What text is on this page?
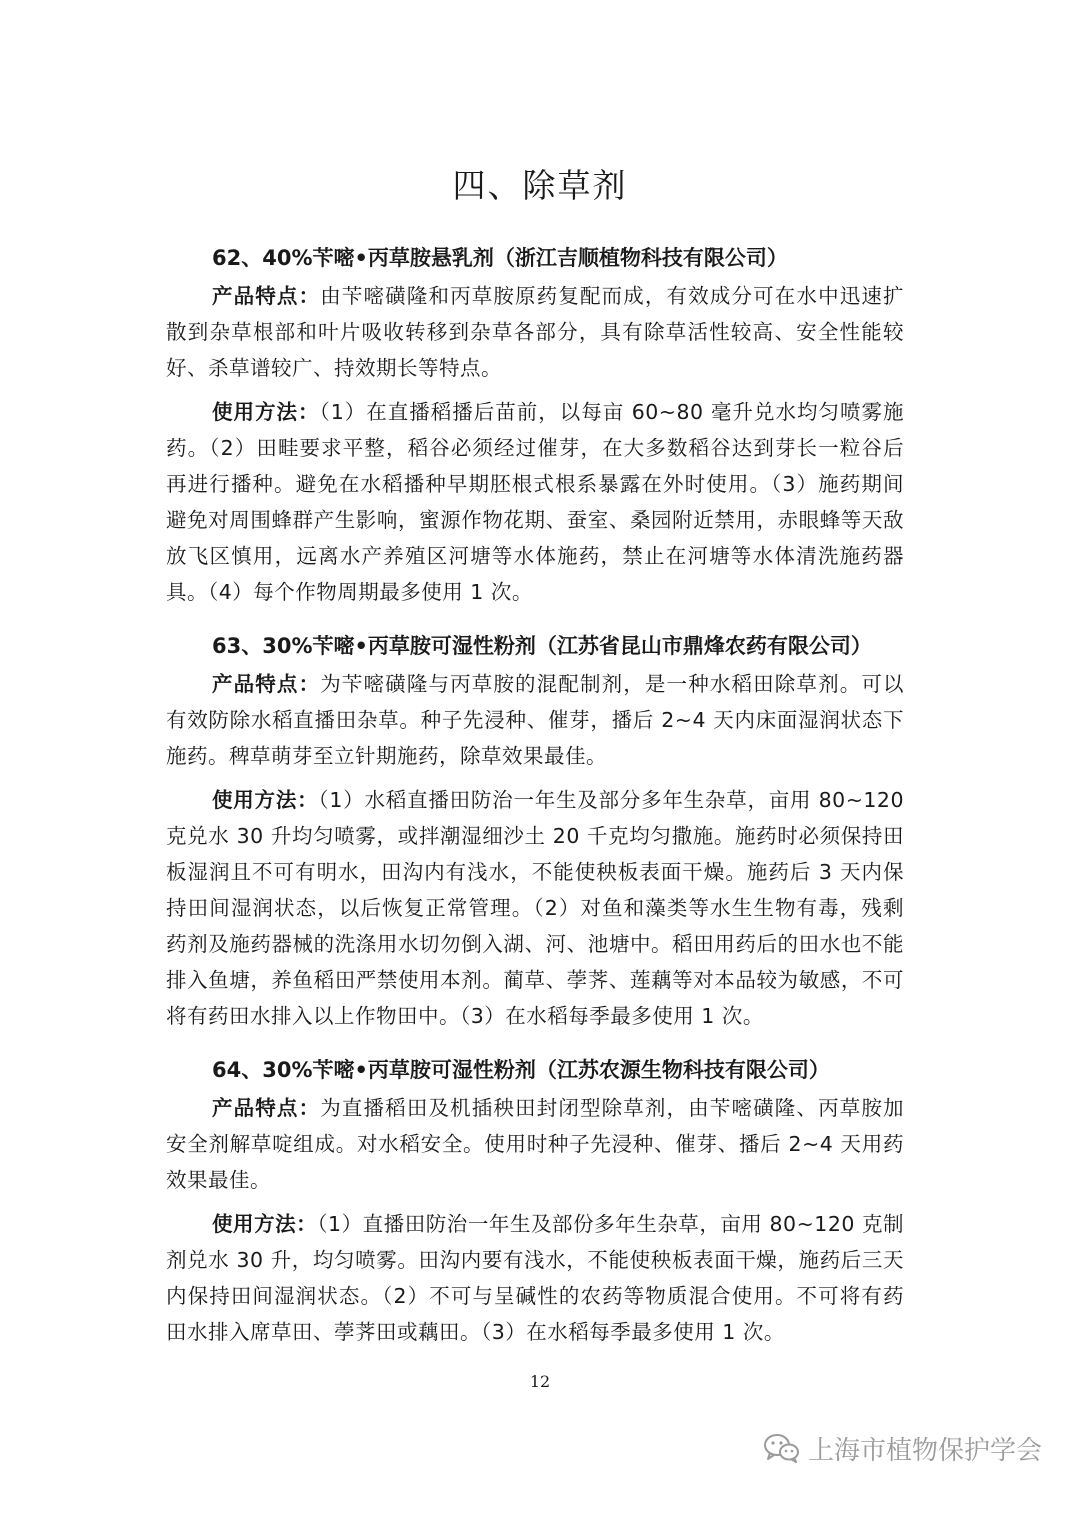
四、除草剂
62、40%苄嘧•丙草胺悬乳剂（浙江吉顺植物科技有限公司）

产品特点：由苄嘧磺隆和丙草胺原药复配而成，有效成分可在水中迅速扩散到杂草根部和叶片吸收转移到杂草各部分，具有除草活性较高、安全性能较好、杀草谱较广、持效期长等特点。

使用方法：（1）在直播稻播后苗前，以每亩 60~80 毫升兑水均匀喷雾施药。（2）田畦要求平整，稻谷必须经过催芽，在大多数稻谷达到芽长一粒谷后再进行播种。避免在水稻播种早期胚根式根系暴露在外时使用。（3）施药期间避免对周围蜂群产生影响，蜜源作物花期、蚕室、桑园附近禁用，赤眼蜂等天敌放飞区慎用，远离水产养殖区河塘等水体施药，禁止在河塘等水体清洗施药器具。（4）每个作物周期最多使用 1 次。

63、30%苄嘧•丙草胺可湿性粉剂（江苏省昆山市鼎烽农药有限公司）

产品特点：为苄嘧磺隆与丙草胺的混配制剂，是一种水稻田除草剂。可以有效防除水稻直播田杂草。种子先浸种、催芽，播后 2~4 天内床面湿润状态下施药。稗草萌芽至立针期施药，除草效果最佳。

使用方法：（1）水稻直播田防治一年生及部分多年生杂草，亩用 80~120 克兑水 30 升均匀喷雾，或拌潮湿细沙土 20 千克均匀撒施。施药时必须保持田板湿润且不可有明水，田沟内有浅水，不能使秧板表面干燥。施药后 3 天内保持田间湿润状态，以后恢复正常管理。（2）对鱼和藻类等水生生物有毒，残剩药剂及施药器械的洗涤用水切勿倒入湖、河、池塘中。稻田用药后的田水也不能排入鱼塘，养鱼稻田严禁使用本剂。蔺草、荸荠、莲藕等对本品较为敏感，不可将有药田水排入以上作物田中。（3）在水稻每季最多使用 1 次。

64、30%苄嘧•丙草胺可湿性粉剂（江苏农源生物科技有限公司）

产品特点：为直播稻田及机插秧田封闭型除草剂，由苄嘧磺隆、丙草胺加安全剂解草啶组成。对水稻安全。使用时种子先浸种、催芽、播后 2~4 天用药效果最佳。

使用方法：（1）直播田防治一年生及部份多年生杂草，亩用 80~120 克制剂兑水 30 升，均匀喷雾。田沟内要有浅水，不能使秧板表面干燥，施药后三天内保持田间湿润状态。（2）不可与呈碱性的农药等物质混合使用。不可将有药田水排入席草田、荸荠田或藕田。（3）在水稻每季最多使用 1 次。

12
上海市植物保护学会
